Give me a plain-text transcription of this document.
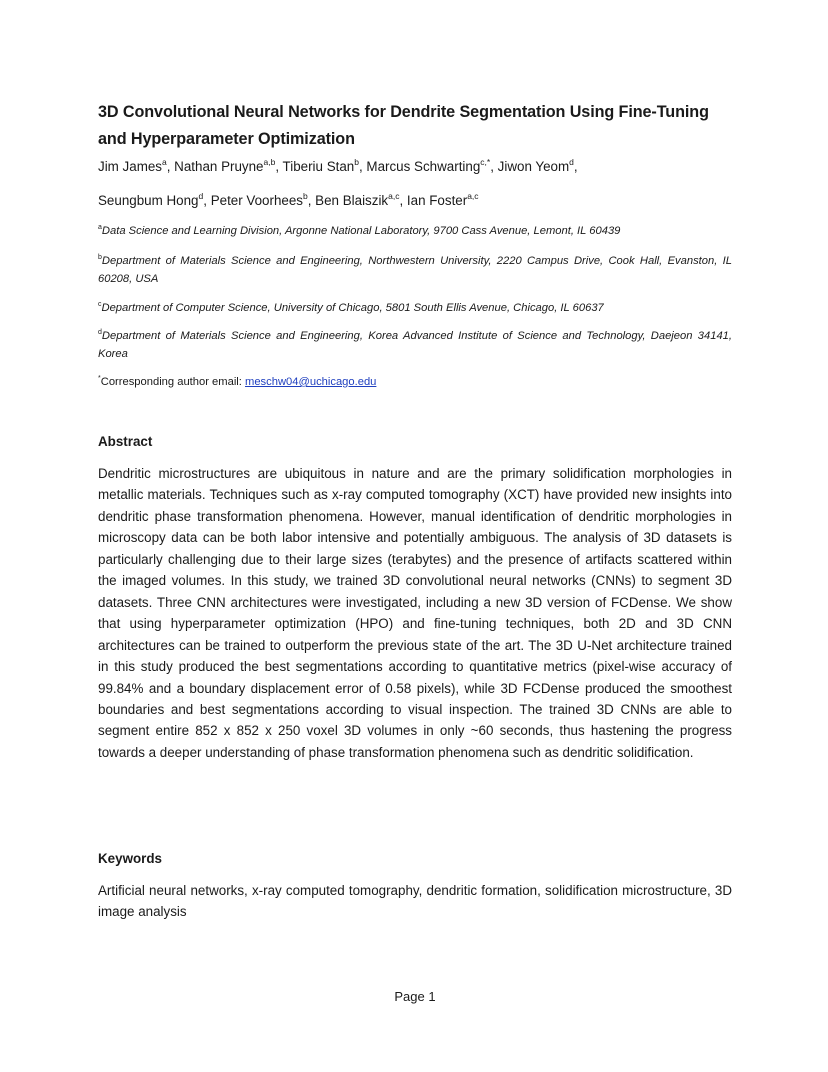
3D Convolutional Neural Networks for Dendrite Segmentation Using Fine-Tuning and Hyperparameter Optimization
Jim James$^a$, Nathan Pruyne$^{a,b}$, Tiberiu Stan$^b$, Marcus Schwarting$^{c,*}$, Jiwon Yeom$^d$,
Seungbum Hong$^d$, Peter Voorhees$^b$, Ben Blaiszik$^{a,c}$, Ian Foster$^{a,c}$
$^a$Data Science and Learning Division, Argonne National Laboratory, 9700 Cass Avenue, Lemont, IL 60439
$^b$Department of Materials Science and Engineering, Northwestern University, 2220 Campus Drive, Cook Hall, Evanston, IL 60208, USA
$^c$Department of Computer Science, University of Chicago, 5801 South Ellis Avenue, Chicago, IL 60637
$^d$Department of Materials Science and Engineering, Korea Advanced Institute of Science and Technology, Daejeon 34141, Korea
*Corresponding author email: meschw04@uchicago.edu
Abstract
Dendritic microstructures are ubiquitous in nature and are the primary solidification morphologies in metallic materials. Techniques such as x-ray computed tomography (XCT) have provided new insights into dendritic phase transformation phenomena. However, manual identification of dendritic morphologies in microscopy data can be both labor intensive and potentially ambiguous. The analysis of 3D datasets is particularly challenging due to their large sizes (terabytes) and the presence of artifacts scattered within the imaged volumes. In this study, we trained 3D convolutional neural networks (CNNs) to segment 3D datasets. Three CNN architectures were investigated, including a new 3D version of FCDense. We show that using hyperparameter optimization (HPO) and fine-tuning techniques, both 2D and 3D CNN architectures can be trained to outperform the previous state of the art. The 3D U-Net architecture trained in this study produced the best segmentations according to quantitative metrics (pixel-wise accuracy of 99.84% and a boundary displacement error of 0.58 pixels), while 3D FCDense produced the smoothest boundaries and best segmentations according to visual inspection. The trained 3D CNNs are able to segment entire 852 x 852 x 250 voxel 3D volumes in only ~60 seconds, thus hastening the progress towards a deeper understanding of phase transformation phenomena such as dendritic solidification.
Keywords
Artificial neural networks, x-ray computed tomography, dendritic formation, solidification microstructure, 3D image analysis
Page 1
